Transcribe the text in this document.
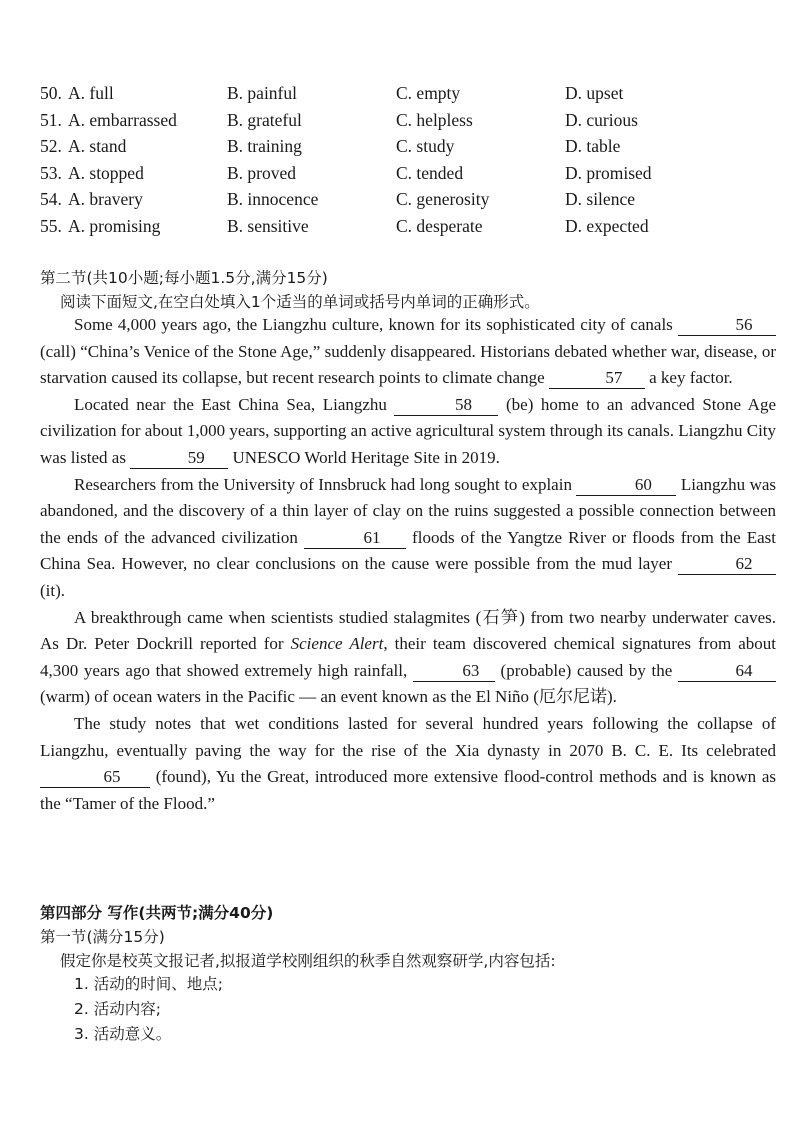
50. A. full	B. painful	C. empty	D. upset
51. A. embarrassed	B. grateful	C. helpless	D. curious
52. A. stand	B. training	C. study	D. table
53. A. stopped	B. proved	C. tended	D. promised
54. A. bravery	B. innocence	C. generosity	D. silence
55. A. promising	B. sensitive	C. desperate	D. expected
第二节(共10小题;每小题1.5分,满分15分)
阅读下面短文,在空白处填入1个适当的单词或括号内单词的正确形式。

Some 4,000 years ago, the Liangzhu culture, known for its sophisticated city of canals	56 (call) “China’s Venice of the Stone Age,” suddenly disappeared. Historians debated whether war, disease, or starvation caused its collapse, but recent research points to climate change	57 a key factor.

Located near the East China Sea, Liangzhu	58 (be) home to an advanced Stone Age civilization for about 1,000 years, supporting an active agricultural system through its canals. Liangzhu City was listed as	59 UNESCO World Heritage Site in 2019.

Researchers from the University of Innsbruck had long sought to explain	60 Liangzhu was abandoned, and the discovery of a thin layer of clay on the ruins suggested a possible connection between the ends of the advanced civilization	61 floods of the Yangtze River or floods from the East China Sea. However, no clear conclusions on the cause were possible from the mud layer	62 (it).

A breakthrough came when scientists studied stalagmites (石笋) from two nearby underwater caves. As Dr. Peter Dockrill reported for Science Alert, their team discovered chemical signatures from about 4,300 years ago that showed extremely high rainfall,	63 (probable) caused by the	64 (warm) of ocean waters in the Pacific — an event known as the El Niño (厄尔尼诺).

The study notes that wet conditions lasted for several hundred years following the collapse of Liangzhu, eventually paving the way for the rise of the Xia dynasty in 2070 B. C. E. Its celebrated 65 (found), Yu the Great, introduced more extensive flood-control methods and is known as the “Tamer of the Flood.”

第四部分 写作(共两节;满分40分)
第一节(满分15分)
假定你是校英文报记者,拟报道学校刚组织的秋季自然观察研学,内容包括:
1. 活动的时间、地点;
2. 活动内容;
3. 活动意义。
